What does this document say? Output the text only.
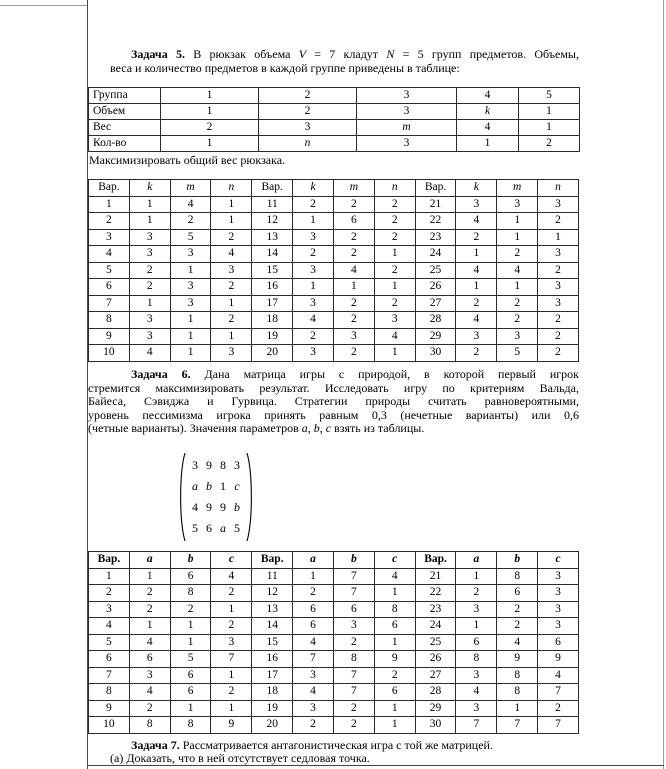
Задача 5. В рюкзак объема V = 7 кладут N = 5 групп предметов. Объемы,
веса и количество предметов в каждой группе приведены в таблице:
Группа	1	2	3	4	5
Объем	1	2	3	k	1
Вес	2	3	m	4	1
Кол-во	1	n	3	1	2

Максимизировать общий вес рюкзака.

Вар.	k	m	n	Вар.	k	m	n	Вар.	k	m	n
1	1	4	1	11	2	2	2	21	3	3	3
2	1	2	1	12	1	6	2	22	4	1	2
3	3	5	2	13	3	2	2	23	2	1	1
4	3	3	4	14	2	2	1	24	1	2	3
5	2	1	3	15	3	4	2	25	4	4	2
6	2	3	2	16	1	1	1	26	1	1	3
7	1	3	1	17	3	2	2	27	2	2	3
8	3	1	2	18	4	2	3	28	4	2	2
9	3	1	1	19	2	3	4	29	3	3	2
10	4	1	3	20	3	2	1	30	2	5	2
Задача 6. Дана матрица игры с природой, в которой первый игрок
стремится максимизировать результат. Исследовать игру по критериям Вальда,
Байеса, Сэвиджа и Гурвица. Стратегии природы считать равновероятными,
уровень пессимизма игрока принять равным 0,3 (нечетные варианты) или 0,6
(четные варианты). Значения параметров a, b, c взять из таблицы.
3 9 8 3
a b 1 c
4 9 9 b
5 6 a 5
Вар.	a	b	c	Вар.	a	b	c	Вар.	a	b	c
1	1	6	4	11	1	7	4	21	1	8	3
2	2	8	2	12	2	7	1	22	2	6	3
3	2	2	1	13	6	6	8	23	3	2	3
4	1	1	2	14	6	3	6	24	1	2	3
5	4	1	3	15	4	2	1	25	6	4	6
6	6	5	7	16	7	8	9	26	8	9	9
7	3	6	1	17	3	7	2	27	3	8	4
8	4	6	2	18	4	7	6	28	4	8	7
9	2	1	1	19	3	2	1	29	3	1	2
10	8	8	9	20	2	2	1	30	7	7	7
Задача 7. Рассматривается антагонистическая игра с той же матрицей.

(а) Доказать, что в ней отсутствует седловая точка.
